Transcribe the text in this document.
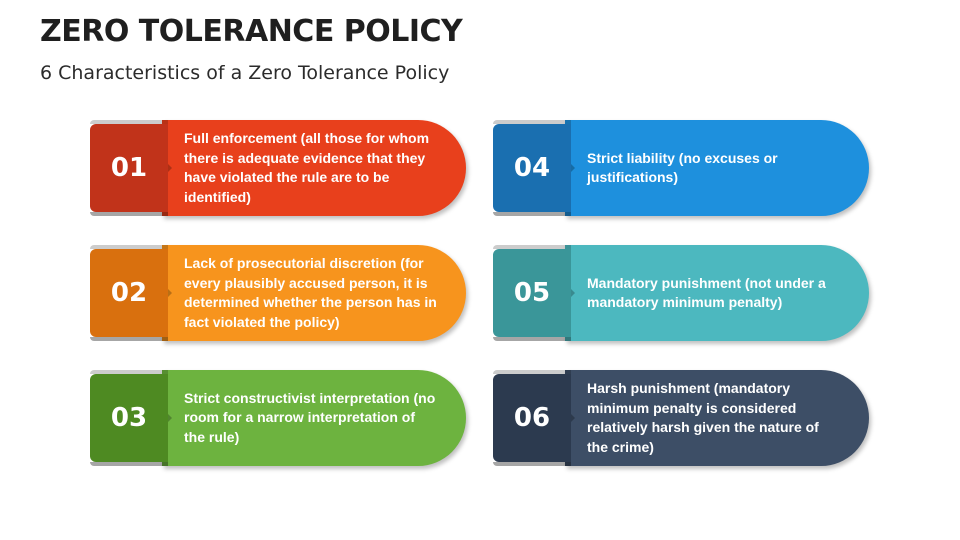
ZERO TOLERANCE POLICY
6 Characteristics of a Zero Tolerance Policy
Full enforcement (all those for whom there is adequate evidence that they have violated the rule are to be identified)
01
Lack of prosecutorial discretion (for every plausibly accused person, it is determined whether the person has in fact violated the policy)
02
Strict constructivist interpretation (no room for a narrow interpretation of the rule)
03
Strict liability (no excuses or justifications)
04
Mandatory punishment (not under a mandatory minimum penalty)
05
Harsh punishment (mandatory minimum penalty is considered relatively harsh given the nature of the crime)
06
